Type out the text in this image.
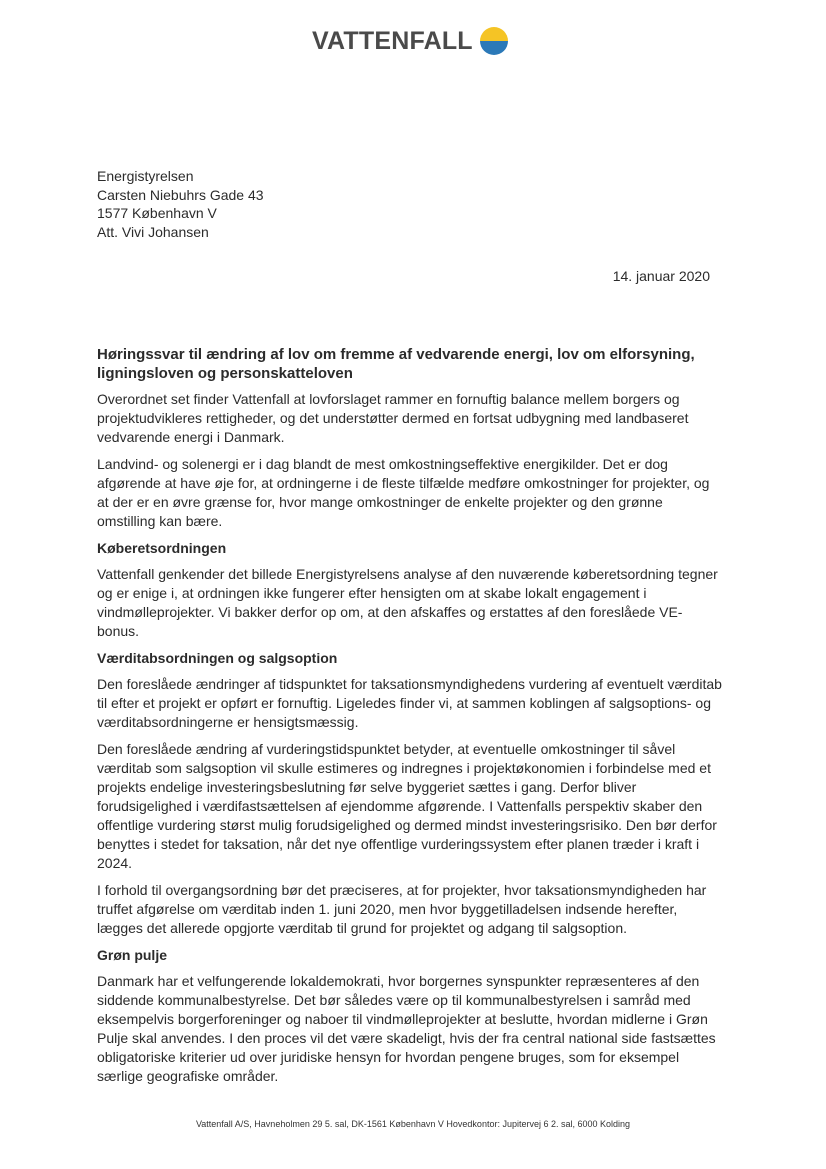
VATTENFALL
Energistyrelsen
Carsten Niebuhrs Gade 43
1577 København V
Att. Vivi Johansen
14. januar 2020
Høringssvar til ændring af lov om fremme af vedvarende energi, lov om elforsyning, ligningsloven og personskatteloven

Overordnet set finder Vattenfall at lovforslaget rammer en fornuftig balance mellem borgers og projektudvikleres rettigheder, og det understøtter dermed en fortsat udbygning med landbaseret vedvarende energi i Danmark.

Landvind- og solenergi er i dag blandt de mest omkostningseffektive energikilder. Det er dog afgørende at have øje for, at ordningerne i de fleste tilfælde medføre omkostninger for projekter, og at der er en øvre grænse for, hvor mange omkostninger de enkelte projekter og den grønne omstilling kan bære.

Køberetsordningen

Vattenfall genkender det billede Energistyrelsens analyse af den nuværende køberetsordning tegner og er enige i, at ordningen ikke fungerer efter hensigten om at skabe lokalt engagement i vindmølleprojekter. Vi bakker derfor op om, at den afskaffes og erstattes af den foreslåede VE-bonus.

Værditabsordningen og salgsoption

Den foreslåede ændringer af tidspunktet for taksationsmyndighedens vurdering af eventuelt værditab til efter et projekt er opført er fornuftig. Ligeledes finder vi, at sammen koblingen af salgsoptions- og værditabsordningerne er hensigtsmæssig.

Den foreslåede ændring af vurderingstidspunktet betyder, at eventuelle omkostninger til såvel værditab som salgsoption vil skulle estimeres og indregnes i projektøkonomien i forbindelse med et projekts endelige investeringsbeslutning før selve byggeriet sættes i gang. Derfor bliver forudsigelighed i værdifastsættelsen af ejendomme afgørende. I Vattenfalls perspektiv skaber den offentlige vurdering størst mulig forudsigelighed og dermed mindst investeringsrisiko. Den bør derfor benyttes i stedet for taksation, når det nye offentlige vurderingssystem efter planen træder i kraft i 2024.

I forhold til overgangsordning bør det præciseres, at for projekter, hvor taksationsmyndigheden har truffet afgørelse om værditab inden 1. juni 2020, men hvor byggetilladelsen indsende herefter, lægges det allerede opgjorte værditab til grund for projektet og adgang til salgsoption.

Grøn pulje

Danmark har et velfungerende lokaldemokrati, hvor borgernes synspunkter repræsenteres af den siddende kommunalbestyrelse. Det bør således være op til kommunalbestyrelsen i samråd med eksempelvis borgerforeninger og naboer til vindmølleprojekter at beslutte, hvordan midlerne i Grøn Pulje skal anvendes. I den proces vil det være skadeligt, hvis der fra central national side fastsættes obligatoriske kriterier ud over juridiske hensyn for hvordan pengene bruges, som for eksempel særlige geografiske områder.

Vattenfall A/S, Havneholmen 29 5. sal, DK-1561 København V Hovedkontor: Jupitervej 6 2. sal, 6000 Kolding
